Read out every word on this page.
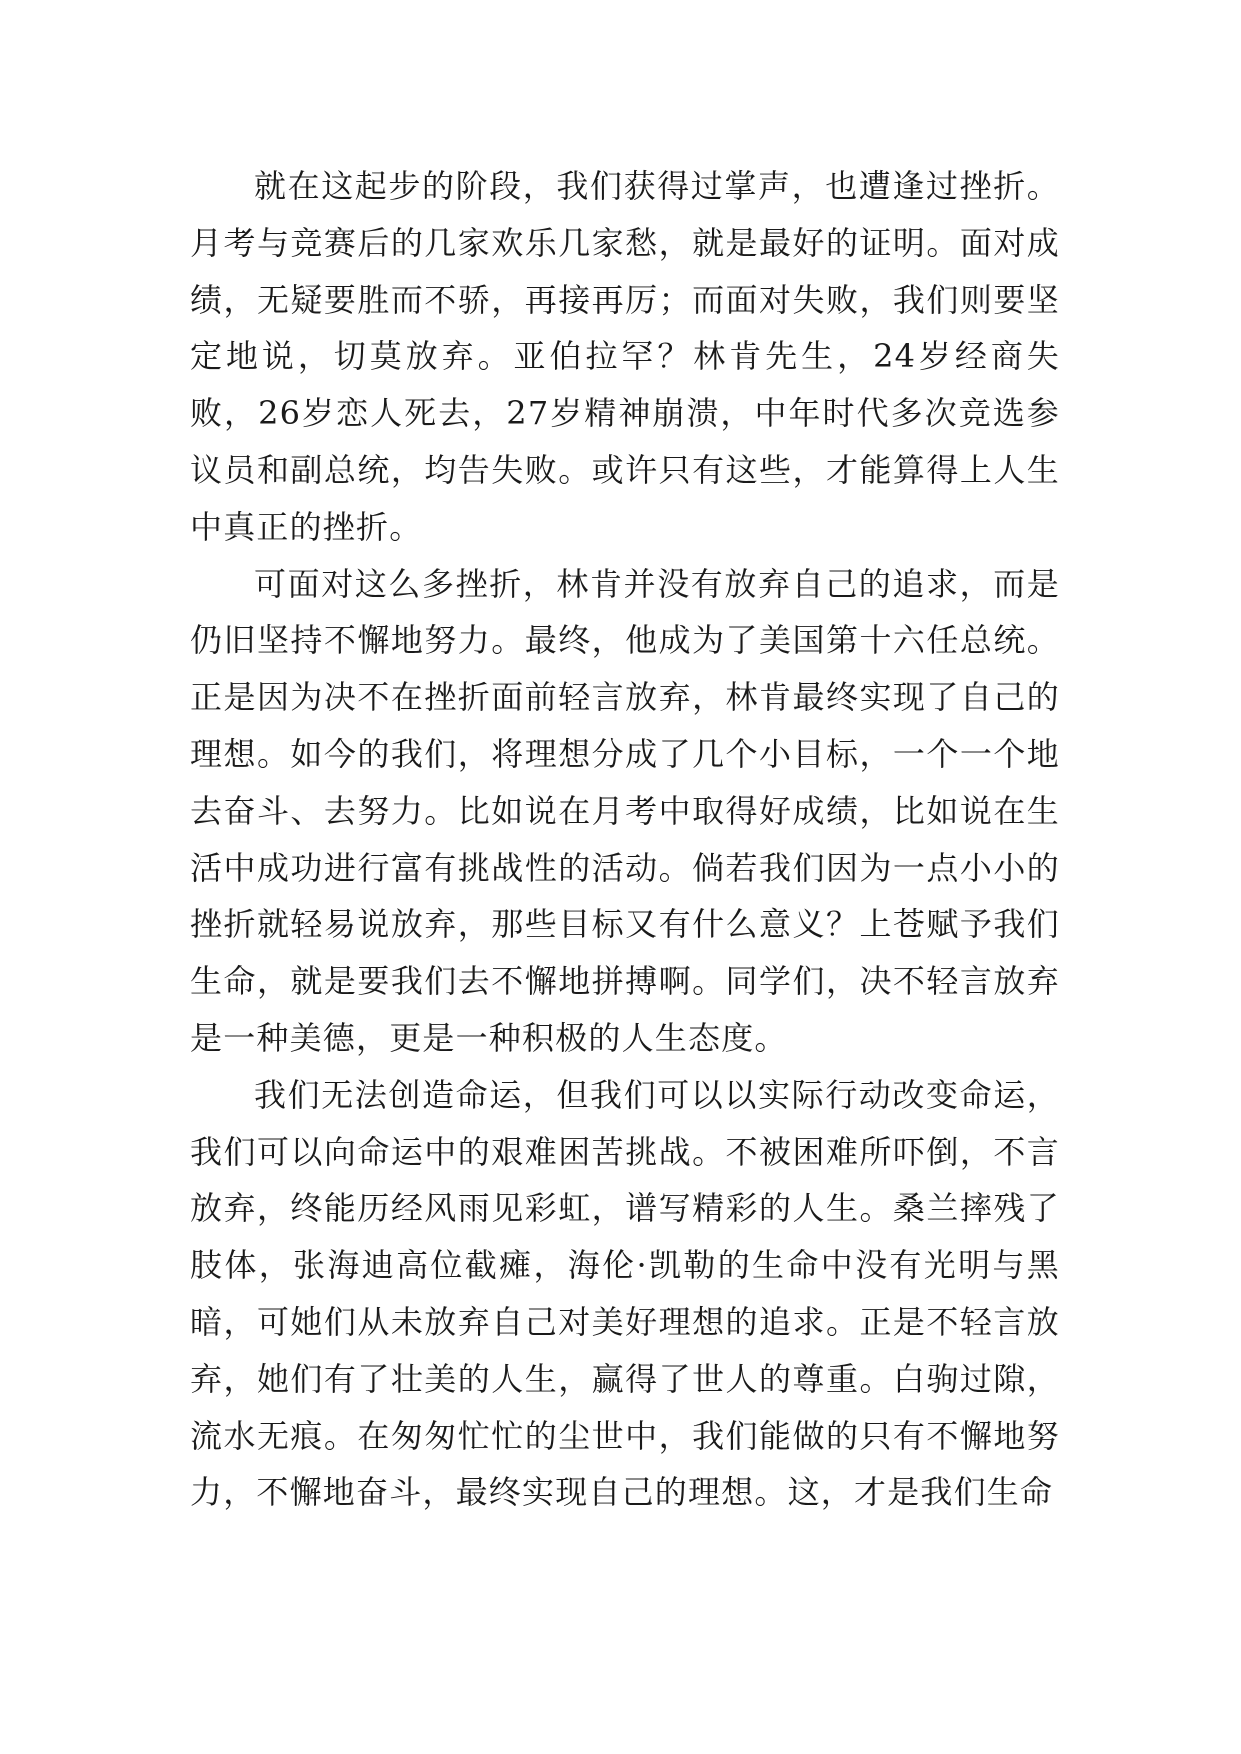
就在这起步的阶段，我们获得过掌声，也遭逢过挫折。月考与竞赛后的几家欢乐几家愁，就是最好的证明。面对成绩，无疑要胜而不骄，再接再厉；而面对失败，我们则要坚定地说，切莫放弃。亚伯拉罕？林肯先生，24岁经商失败，26岁恋人死去，27岁精神崩溃，中年时代多次竞选参议员和副总统，均告失败。或许只有这些，才能算得上人生中真正的挫折。

可面对这么多挫折，林肯并没有放弃自己的追求，而是仍旧坚持不懈地努力。最终，他成为了美国第十六任总统。正是因为决不在挫折面前轻言放弃，林肯最终实现了自己的理想。如今的我们，将理想分成了几个小目标，一个一个地去奋斗、去努力。比如说在月考中取得好成绩，比如说在生活中成功进行富有挑战性的活动。倘若我们因为一点小小的挫折就轻易说放弃，那些目标又有什么意义？上苍赋予我们生命，就是要我们去不懈地拼搏啊。同学们，决不轻言放弃是一种美德，更是一种积极的人生态度。

我们无法创造命运，但我们可以以实际行动改变命运，我们可以向命运中的艰难困苦挑战。不被困难所吓倒，不言放弃，终能历经风雨见彩虹，谱写精彩的人生。桑兰摔残了肢体，张海迪高位截瘫，海伦·凯勒的生命中没有光明与黑暗，可她们从未放弃自己对美好理想的追求。正是不轻言放弃，她们有了壮美的人生，赢得了世人的尊重。白驹过隙，流水无痕。在匆匆忙忙的尘世中，我们能做的只有不懈地努力，不懈地奋斗，最终实现自己的理想。这，才是我们生命
